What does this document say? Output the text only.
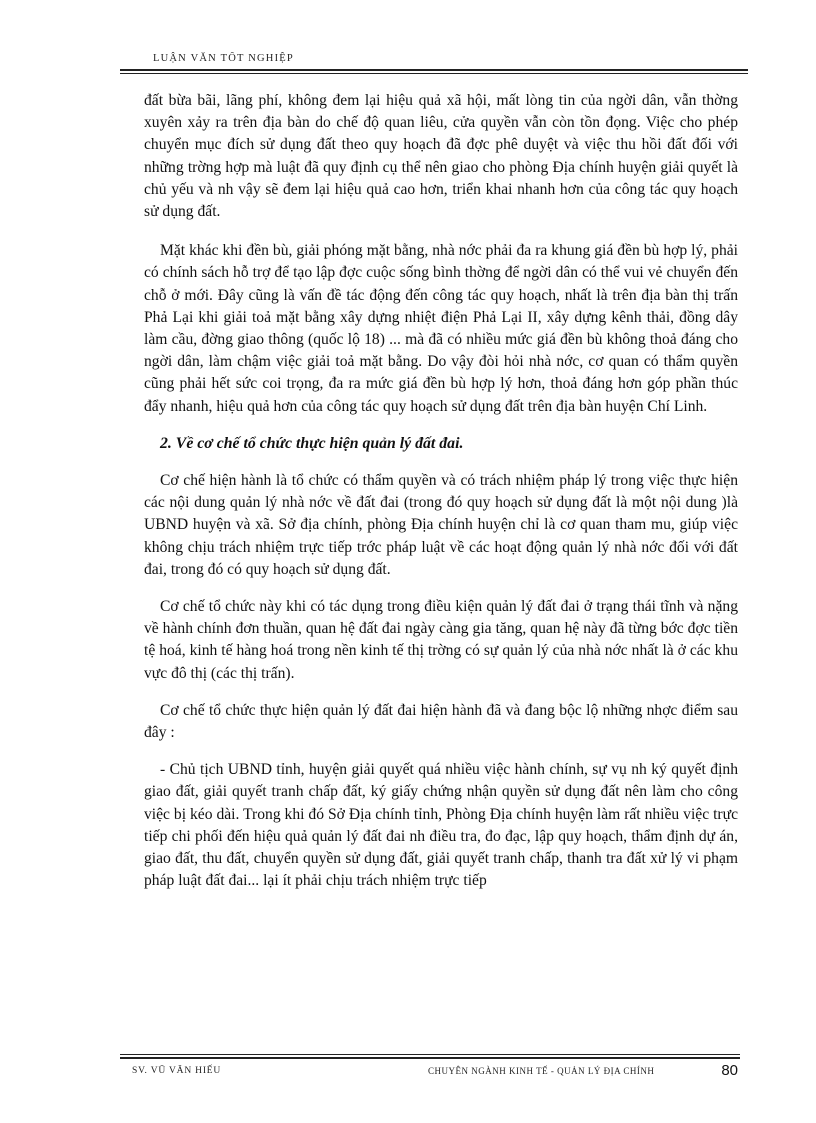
LUẬN VĂN TỐT NGHIỆP

đất bừa bãi, lãng phí, không đem lại hiệu quả xã hội, mất lòng tin của ngời dân, vẫn thờng xuyên xảy ra trên địa bàn do chế độ quan liêu, cửa quyền vẫn còn tồn đọng. Việc cho phép chuyển mục đích sử dụng đất theo quy hoạch đã đợc phê duyệt và việc thu hồi đất đối với những trờng hợp mà luật đã quy định cụ thể nên giao cho phòng Địa chính huyện giải quyết là chủ yếu và nh vậy sẽ đem lại hiệu quả cao hơn, triển khai nhanh hơn của công tác quy hoạch sử dụng đất.

Mặt khác khi đền bù, giải phóng mặt bằng, nhà nớc phải đa ra khung giá đền bù hợp lý, phải có chính sách hỗ trợ để tạo lập đợc cuộc sống bình thờng để ngời dân có thể vui vẻ chuyển đến chỗ ở mới. Đây cũng là vấn đề tác động đến công tác quy hoạch, nhất là trên địa bàn thị trấn Phả Lại khi giải toả mặt bằng xây dựng nhiệt điện Phả Lại II, xây dựng kênh thải, đồng dây làm cầu, đờng giao thông (quốc lộ 18) ... mà đã có nhiều mức giá đền bù không thoả đáng cho ngời dân, làm chậm việc giải toả mặt bằng. Do vậy đòi hỏi nhà nớc, cơ quan có thẩm quyền cũng phải hết sức coi trọng, đa ra mức giá đền bù hợp lý hơn, thoả đáng hơn góp phần thúc đẩy nhanh, hiệu quả hơn của công tác quy hoạch sử dụng đất trên địa bàn huyện Chí Linh.

2. Về cơ chế tổ chức thực hiện quản lý đất đai.

Cơ chế hiện hành là tổ chức có thẩm quyền và có trách nhiệm pháp lý trong việc thực hiện các nội dung quản lý nhà nớc về đất đai (trong đó quy hoạch sử dụng đất là một nội dung )là UBND huyện và xã. Sở địa chính, phòng Địa chính huyện chỉ là cơ quan tham mu, giúp việc không chịu trách nhiệm trực tiếp trớc pháp luật về các hoạt động quản lý nhà nớc đối với đất đai, trong đó có quy hoạch sử dụng đất.

Cơ chế tổ chức này khi có tác dụng trong điều kiện quản lý đất đai ở trạng thái tĩnh và nặng về hành chính đơn thuần, quan hệ đất đai ngày càng gia tăng, quan hệ này đã từng bớc đợc tiền tệ hoá, kinh tế hàng hoá trong nền kinh tế thị trờng có sự quản lý của nhà nớc nhất là ở các khu vực đô thị (các thị trấn).

Cơ chế tổ chức thực hiện quản lý đất đai hiện hành đã và đang bộc lộ những nhợc điểm sau đây :

- Chủ tịch UBND tỉnh, huyện giải quyết quá nhiều việc hành chính, sự vụ nh ký quyết định giao đất, giải quyết tranh chấp đất, ký giấy chứng nhận quyền sử dụng đất nên làm cho công việc bị kéo dài. Trong khi đó Sở Địa chính tỉnh, Phòng Địa chính huyện làm rất nhiều việc trực tiếp chi phối đến hiệu quả quản lý đất đai nh điều tra, đo đạc, lập quy hoạch, thẩm định dự án, giao đất, thu đất, chuyển quyền sử dụng đất, giải quyết tranh chấp, thanh tra đất xử lý vi phạm pháp luật đất đai... lại ít phải chịu trách nhiệm trực tiếp

SV. VŨ VĂN HIẾU	CHUYÊN NGÀNH KINH TẾ - QUẢN LÝ ĐỊA CHÍNH	80
